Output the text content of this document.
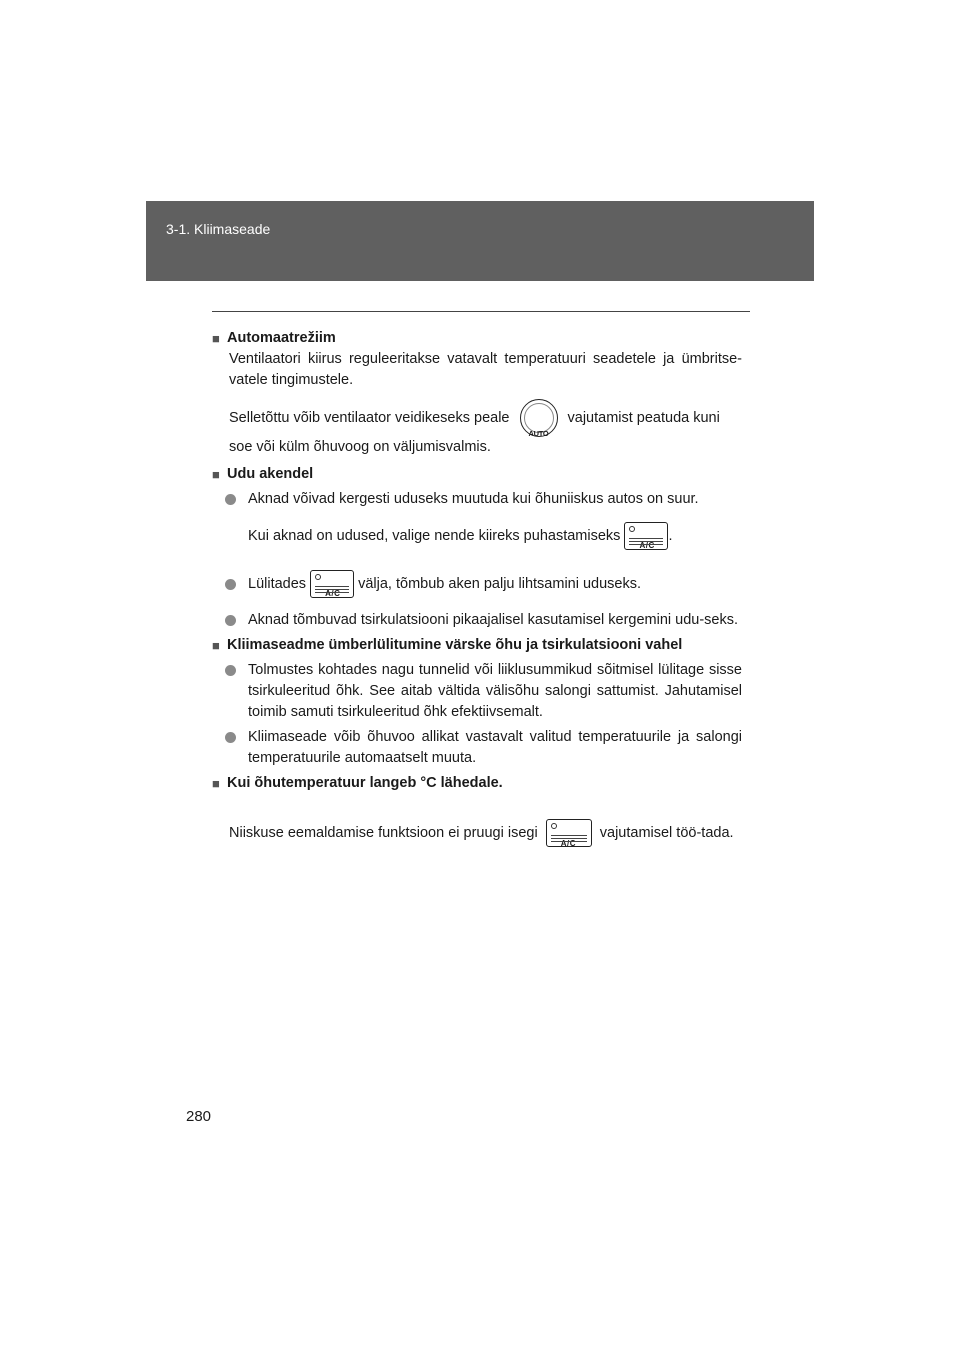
3-1. Kliimaseade
■ Automaatrežiim

Ventilaatori kiirus reguleeritakse vatavalt temperatuuri seadetele ja ümbritse-vatele tingimustele.

Selletõttu võib ventilaator veidikeseks peale
AUTO
vajutamist peatuda kuni

soe või külm õhuvoog on väljumisvalmis.

■ Udu akendel
Aknad võivad kergesti uduseks muutuda kui õhuniiskus autos on suur.
Kui aknad on udused, valige nende kiireks puhastamiseks
A/C
.
Lülitades
A/C
välja, tõmbub aken palju lihtsamini uduseks.
Aknad tõmbuvad tsirkulatsiooni pikaajalisel kasutamisel kergemini udu-seks.
■ Kliimaseadme ümberlülitumine värske õhu ja tsirkulatsiooni vahel
Tolmustes kohtades nagu tunnelid või liiklusummikud sõitmisel lülitage sisse tsirkuleeritud õhk. See aitab vältida välisõhu salongi sattumist. Jahutamisel toimib samuti tsirkuleeritud õhk efektiivsemalt.
Kliimaseade võib õhuvoo allikat vastavalt valitud temperatuurile ja salongi temperatuurile automaatselt muuta.
■ Kui õhutemperatuur langeb °C lähedale.

Niiskuse eemaldamise funktsioon ei pruugi isegi
A/C
vajutamisel töö-tada.

280
